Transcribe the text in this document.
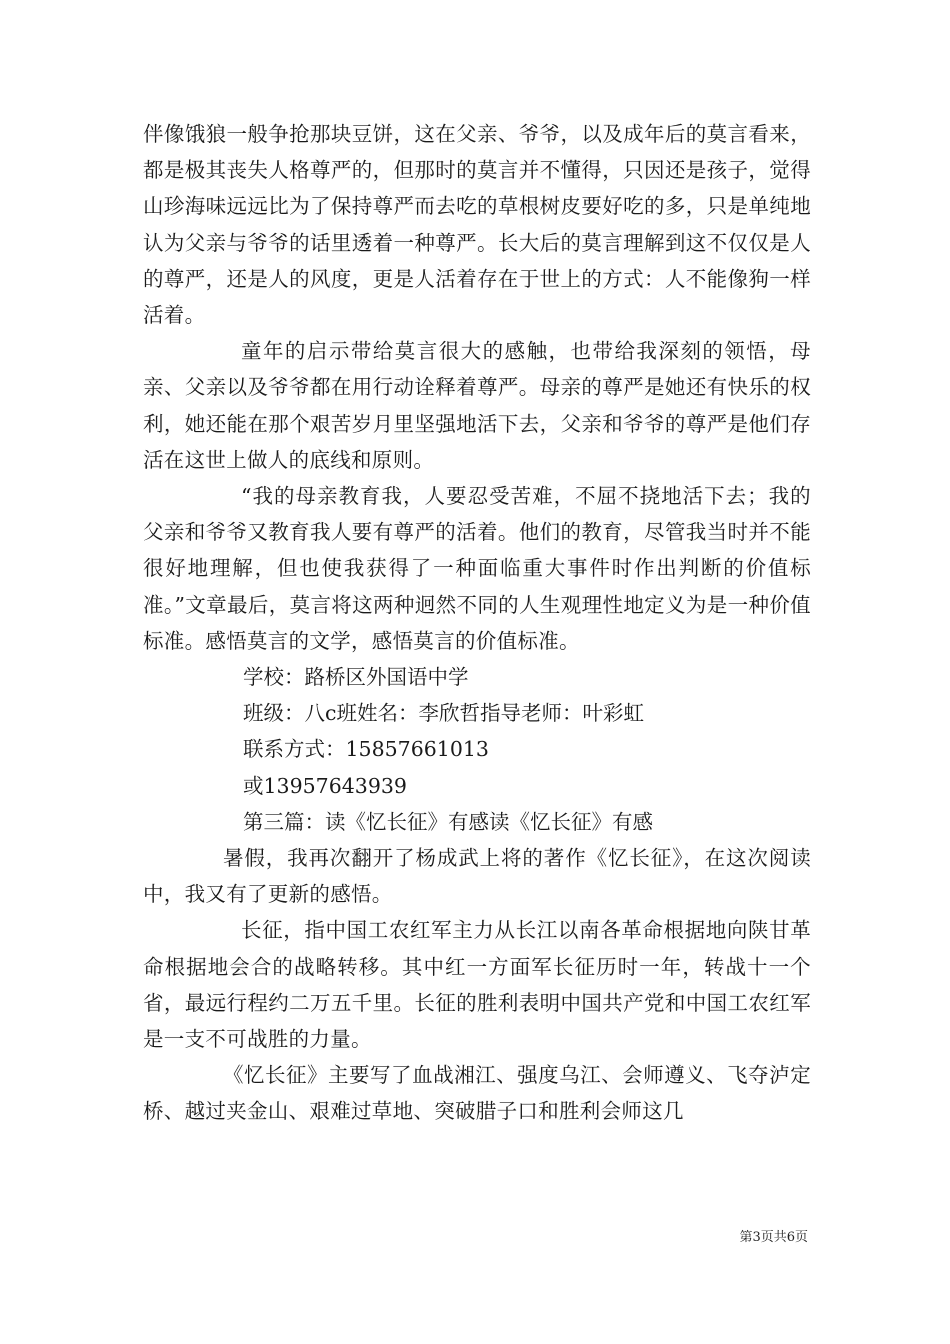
伴像饿狼一般争抢那块豆饼，这在父亲、爷爷，以及成年后的莫言看来，都是极其丧失人格尊严的，但那时的莫言并不懂得，只因还是孩子，觉得山珍海味远远比为了保持尊严而去吃的草根树皮要好吃的多，只是单纯地认为父亲与爷爷的话里透着一种尊严。长大后的莫言理解到这不仅仅是人的尊严，还是人的风度，更是人活着存在于世上的方式：人不能像狗一样活着。

童年的启示带给莫言很大的感触，也带给我深刻的领悟，母亲、父亲以及爷爷都在用行动诠释着尊严。母亲的尊严是她还有快乐的权利，她还能在那个艰苦岁月里坚强地活下去，父亲和爷爷的尊严是他们存活在这世上做人的底线和原则。

“我的母亲教育我，人要忍受苦难，不屈不挠地活下去；我的父亲和爷爷又教育我人要有尊严的活着。他们的教育，尽管我当时并不能很好地理解，但也使我获得了一种面临重大事件时作出判断的价值标准。”文章最后，莫言将这两种迥然不同的人生观理性地定义为是一种价值标准。感悟莫言的文学，感悟莫言的价值标准。

学校：路桥区外国语中学

班级：八c班姓名：李欣哲指导老师：叶彩虹

联系方式：15857661013

或13957643939

第三篇：读《忆长征》有感读《忆长征》有感

暑假，我再次翻开了杨成武上将的著作《忆长征》，在这次阅读中，我又有了更新的感悟。

长征，指中国工农红军主力从长江以南各革命根据地向陕甘革命根据地会合的战略转移。其中红一方面军长征历时一年，转战十一个省，最远行程约二万五千里。长征的胜利表明中国共产党和中国工农红军是一支不可战胜的力量。

《忆长征》主要写了血战湘江、强度乌江、会师遵义、飞夺泸定桥、越过夹金山、艰难过草地、突破腊子口和胜利会师这几

第3页共6页
